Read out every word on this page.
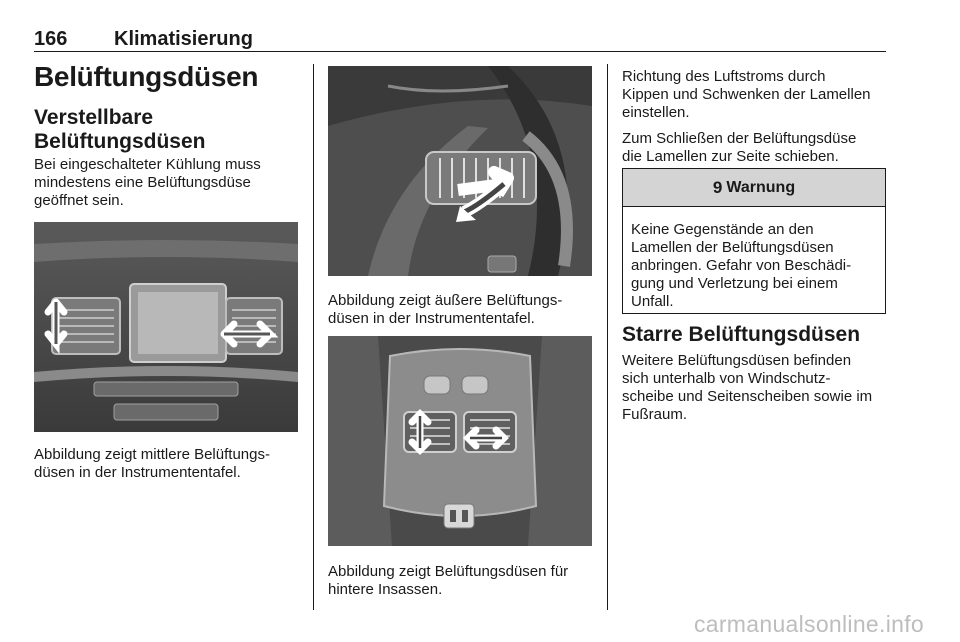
166 Klimatisierung
Belüftungsdüsen
Verstellbare
Belüftungsdüsen
Bei eingeschalteter Kühlung muss
mindestens eine Belüftungsdüse
geöffnet sein.
Abbildung zeigt mittlere Belüftungs-
düsen in der Instrumententafel.
Abbildung zeigt äußere Belüftungs-
düsen in der Instrumententafel.
Abbildung zeigt Belüftungsdüsen für
hintere Insassen.
Richtung des Luftstroms durch
Kippen und Schwenken der Lamellen
einstellen.
Zum Schließen der Belüftungsdüse
die Lamellen zur Seite schieben.
9 Warnung
Keine Gegenstände an den
Lamellen der Belüftungsdüsen
anbringen. Gefahr von Beschädi-
gung und Verletzung bei einem
Unfall.
Starre Belüftungsdüsen
Weitere Belüftungsdüsen befinden
sich unterhalb von Windschutz-
scheibe und Seitenscheiben sowie im
Fußraum.
carmanualsonline.info
